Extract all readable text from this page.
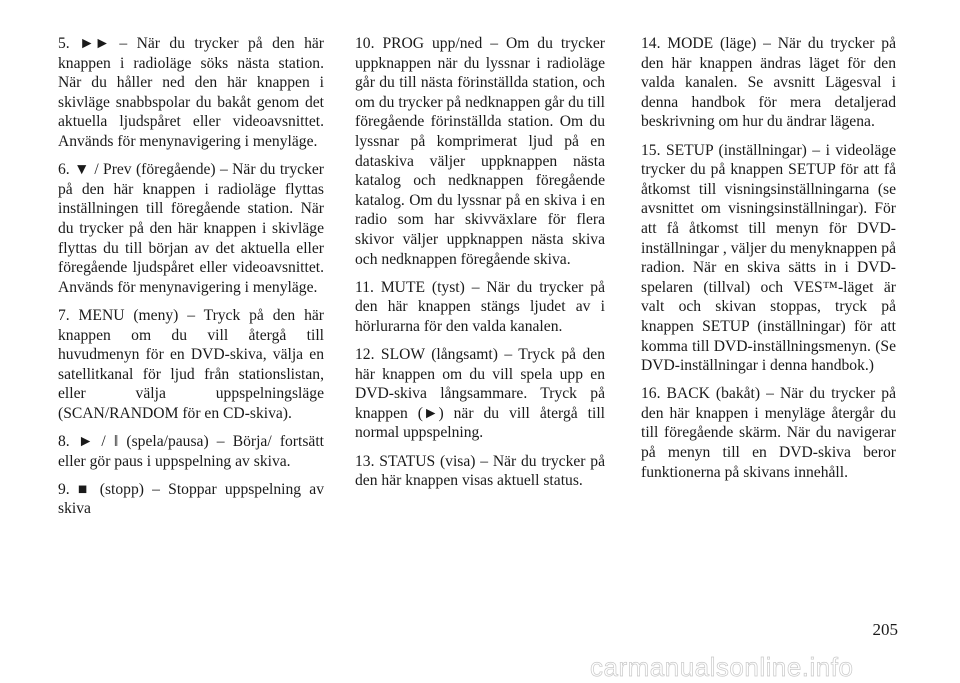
5. ►► – När du trycker på den här knappen i radioläge söks nästa station. När du håller ned den här knappen i skivläge snabbspolar du bakåt genom det aktuella ljudspåret eller videoavsnittet. Används för menynavigering i menyläge.

6. ▼ / Prev (föregående) – När du trycker på den här knappen i radioläge flyttas inställningen till föregående station. När du trycker på den här knappen i skivläge flyttas du till början av det aktuella eller föregående ljudspåret eller videoavsnittet. Används för menynavigering i menyläge.

7. MENU (meny) – Tryck på den här knappen om du vill återgå till huvudmenyn för en DVD-skiva, välja en satellitkanal för ljud från stationslistan, eller välja uppspelningsläge (SCAN/RANDOM för en CD-skiva).

8. ► / ‖ (spela/pausa) – Börja/ fortsätt eller gör paus i uppspelning av skiva.

9. ■ (stopp) – Stoppar uppspelning av skiva

10. PROG upp/ned – Om du trycker uppknappen när du lyssnar i radioläge går du till nästa förinställda station, och om du trycker på nedknappen går du till föregående förinställda station. Om du lyssnar på komprimerat ljud på en dataskiva väljer uppknappen nästa katalog och nedknappen föregående katalog. Om du lyssnar på en skiva i en radio som har skivväxlare för flera skivor väljer uppknappen nästa skiva och nedknappen föregående skiva.

11. MUTE (tyst) – När du trycker på den här knappen stängs ljudet av i hörlurarna för den valda kanalen.

12. SLOW (långsamt) – Tryck på den här knappen om du vill spela upp en DVD-skiva långsammare. Tryck på knappen (►) när du vill återgå till normal uppspelning.

13. STATUS (visa) – När du trycker på den här knappen visas aktuell status.

14. MODE (läge) – När du trycker på den här knappen ändras läget för den valda kanalen. Se avsnitt Lägesval i denna handbok för mera detaljerad beskrivning om hur du ändrar lägena.

15. SETUP (inställningar) – i videoläge trycker du på knappen SETUP för att få åtkomst till visningsinställningarna (se avsnittet om visningsinställningar). För att få åtkomst till menyn för DVD-inställningar , väljer du menyknappen på radion. När en skiva sätts in i DVD-spelaren (tillval) och VES™-läget är valt och skivan stoppas, tryck på knappen SETUP (inställningar) för att komma till DVD-inställningsmenyn. (Se DVD-inställningar i denna handbok.)

16. BACK (bakåt) – När du trycker på den här knappen i menyläge återgår du till föregående skärm. När du navigerar på menyn till en DVD-skiva beror funktionerna på skivans innehåll.

205
carmanualsonline.info
